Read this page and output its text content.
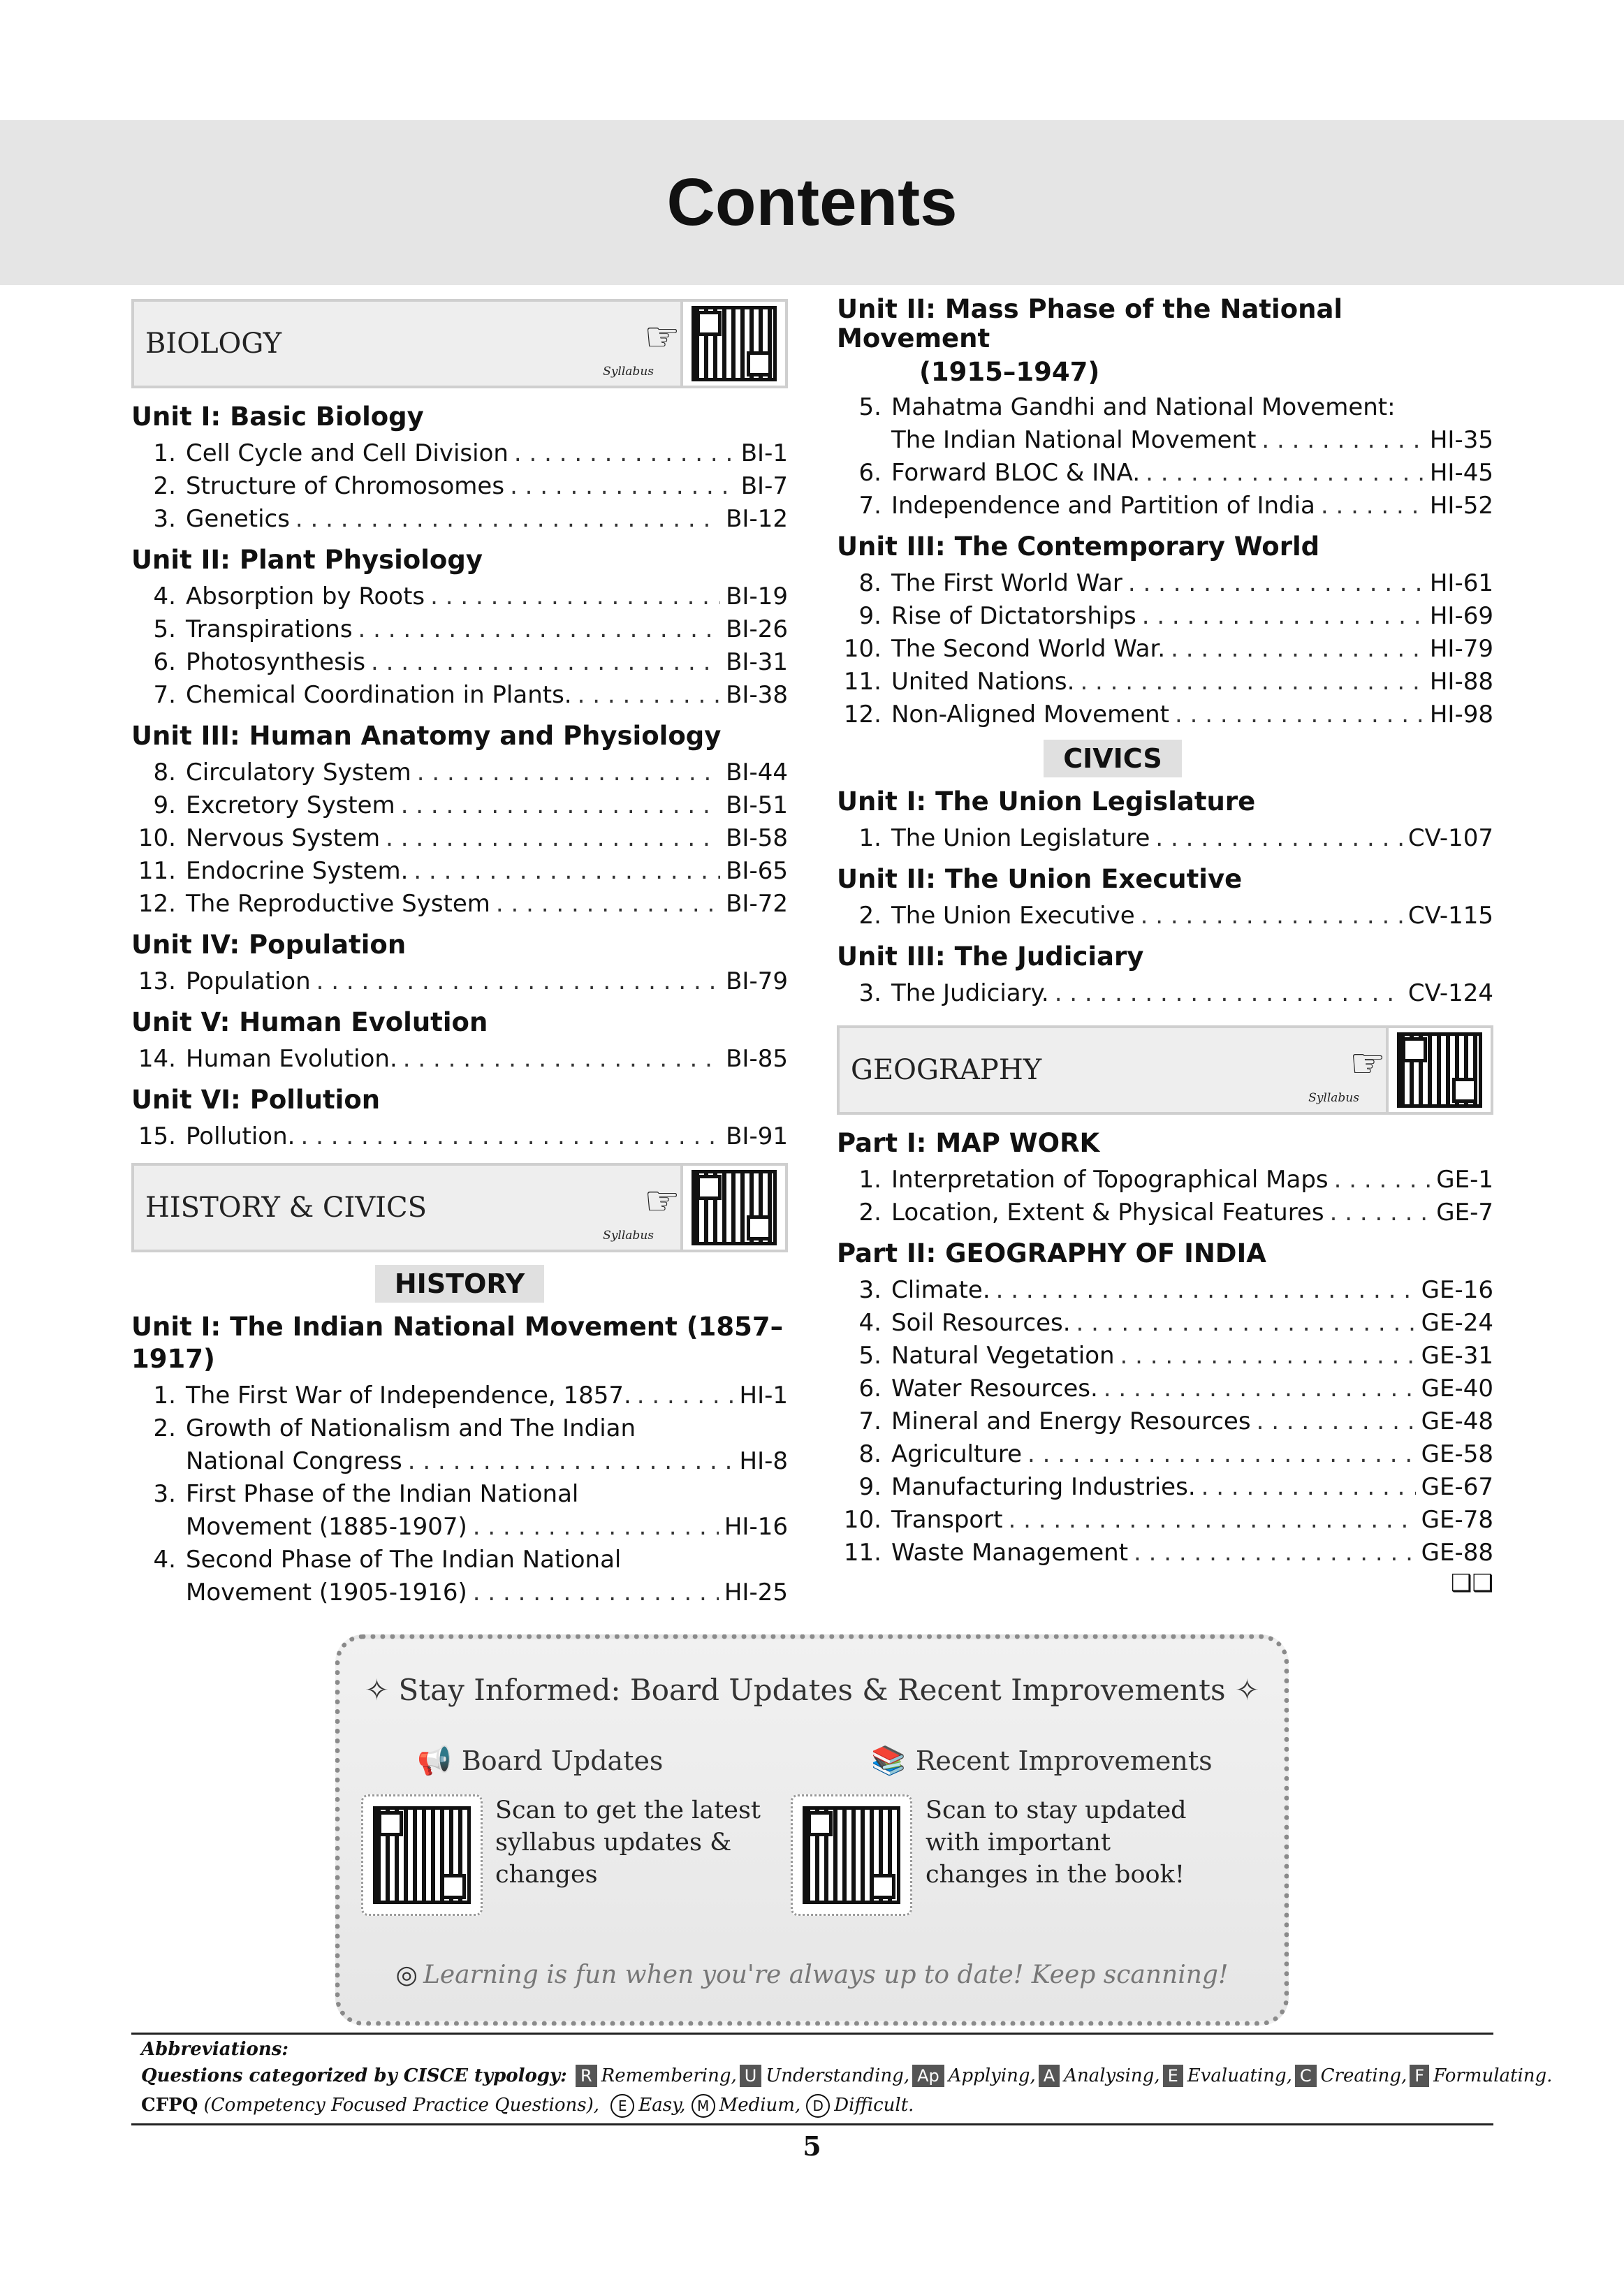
Contents
BIOLOGY	☞
Syllabus
Unit I: Basic Biology
1. Cell Cycle and Cell Division . . .	BI-1
2. Structure of Chromosomes . . .	BI-7
3. Genetics . . .	BI-12
Unit II: Plant Physiology
4. Absorption by Roots . . .	BI-19
5. Transpirations . . .	BI-26
6. Photosynthesis . . .	BI-31
7. Chemical Coordination in Plants. . . .	BI-38
Unit III: Human Anatomy and Physiology
8. Circulatory System . . .	BI-44
9. Excretory System . . .	BI-51
10. Nervous System . . .	BI-58
11. Endocrine System. . . .	BI-65
12. The Reproductive System . . .	BI-72
Unit IV: Population
13. Population . . .	BI-79
Unit V: Human Evolution
14. Human Evolution. . . .	BI-85
Unit VI: Pollution
15. Pollution. . . .	BI-91
HISTORY & CIVICS	☞
Syllabus
HISTORY
Unit I: The Indian National Movement (1857–1917)
1. The First War of Independence, 1857. . . .	HI-1
2. Growth of Nationalism and The Indian
National Congress . . .	HI-8
3. First Phase of the Indian National
Movement (1885-1907) . . .	HI-16
4. Second Phase of The Indian National
Movement (1905-1916) . . .	HI-25
Unit II: Mass Phase of the National Movement
(1915–1947)
5. Mahatma Gandhi and National Movement:
The Indian National Movement . . .	HI-35
6. Forward BLOC & INA. . . .	HI-45
7. Independence and Partition of India . . .	HI-52
Unit III: The Contemporary World
8. The First World War . . .	HI-61
9. Rise of Dictatorships . . .	HI-69
10. The Second World War. . . .	HI-79
11. United Nations. . . .	HI-88
12. Non-Aligned Movement . . .	HI-98
CIVICS
Unit I: The Union Legislature
1. The Union Legislature . . .	CV-107
Unit II: The Union Executive
2. The Union Executive . . .	CV-115
Unit III: The Judiciary
3. The Judiciary. . . .	CV-124
GEOGRAPHY	☞
Syllabus
Part I: MAP WORK
1. Interpretation of Topographical Maps . . .	GE-1
2. Location, Extent & Physical Features . . .	GE-7
Part II: GEOGRAPHY OF INDIA
3. Climate. . . .	GE-16
4. Soil Resources. . . .	GE-24
5. Natural Vegetation . . .	GE-31
6. Water Resources. . . .	GE-40
7. Mineral and Energy Resources . . .	GE-48
8. Agriculture . . .	GE-58
9. Manufacturing Industries. . . .	GE-67
10. Transport . . .	GE-78
11. Waste Management . . .	GE-88
❑❑
✧ Stay Informed: Board Updates & Recent Improvements ✧
📢 Board Updates	📚 Recent Improvements
Scan to get the latest syllabus updates & changes
Scan to stay updated with important changes in the book!
◎ Learning is fun when you're always up to date! Keep scanning!
Abbreviations:
Questions categorized by CISCE typology: R Remembering, U Understanding, Ap Applying, A Analysing, E Evaluating, C Creating, F Formulating.
CFPQ (Competency Focused Practice Questions), E Easy, M Medium, D Difficult.
5
